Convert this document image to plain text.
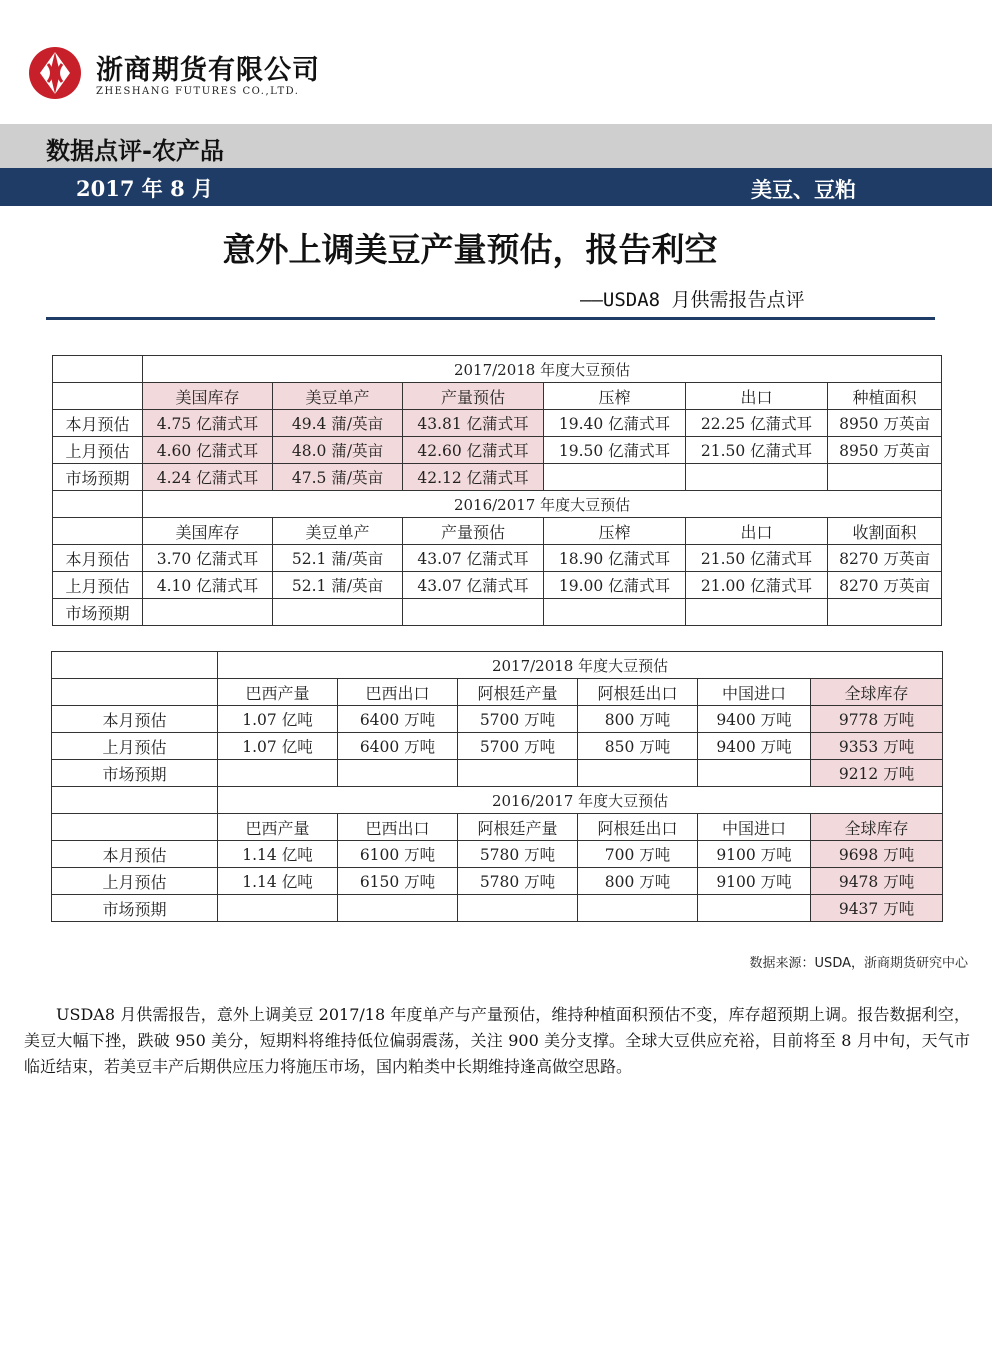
浙商期货有限公司
ZHESHANG FUTURES CO.,LTD.
数据点评-农产品
2017 年 8 月	美豆、豆粕
意外上调美豆产量预估，报告利空
——USDA8 月供需报告点评
	2017/2018 年度大豆预估					
	美国库存	美豆单产	产量预估	压榨	出口	种植面积
本月预估	4.75 亿蒲式耳	49.4 蒲/英亩	43.81 亿蒲式耳	19.40 亿蒲式耳	22.25 亿蒲式耳	8950 万英亩
上月预估	4.60 亿蒲式耳	48.0 蒲/英亩	42.60 亿蒲式耳	19.50 亿蒲式耳	21.50 亿蒲式耳	8950 万英亩
市场预期	4.24 亿蒲式耳	47.5 蒲/英亩	42.12 亿蒲式耳			
	2016/2017 年度大豆预估					
	美国库存	美豆单产	产量预估	压榨	出口	收割面积
本月预估	3.70 亿蒲式耳	52.1 蒲/英亩	43.07 亿蒲式耳	18.90 亿蒲式耳	21.50 亿蒲式耳	8270 万英亩
上月预估	4.10 亿蒲式耳	52.1 蒲/英亩	43.07 亿蒲式耳	19.00 亿蒲式耳	21.00 亿蒲式耳	8270 万英亩
市场预期						
	2017/2018 年度大豆预估					
	巴西产量	巴西出口	阿根廷产量	阿根廷出口	中国进口	全球库存
本月预估	1.07 亿吨	6400 万吨	5700 万吨	800 万吨	9400 万吨	9778 万吨
上月预估	1.07 亿吨	6400 万吨	5700 万吨	850 万吨	9400 万吨	9353 万吨
市场预期						9212 万吨
	2016/2017 年度大豆预估					
	巴西产量	巴西出口	阿根廷产量	阿根廷出口	中国进口	全球库存
本月预估	1.14 亿吨	6100 万吨	5780 万吨	700 万吨	9100 万吨	9698 万吨
上月预估	1.14 亿吨	6150 万吨	5780 万吨	800 万吨	9100 万吨	9478 万吨
市场预期						9437 万吨
数据来源：USDA，浙商期货研究中心

USDA8 月供需报告，意外上调美豆 2017/18 年度单产与产量预估，维持种植面积预估不变，库存超预期上调。报告数据利空，美豆大幅下挫，跌破 950 美分，短期料将维持低位偏弱震荡，关注 900 美分支撑。全球大豆供应充裕，目前将至 8 月中旬，天气市临近结束，若美豆丰产后期供应压力将施压市场，国内粕类中长期维持逢高做空思路。
